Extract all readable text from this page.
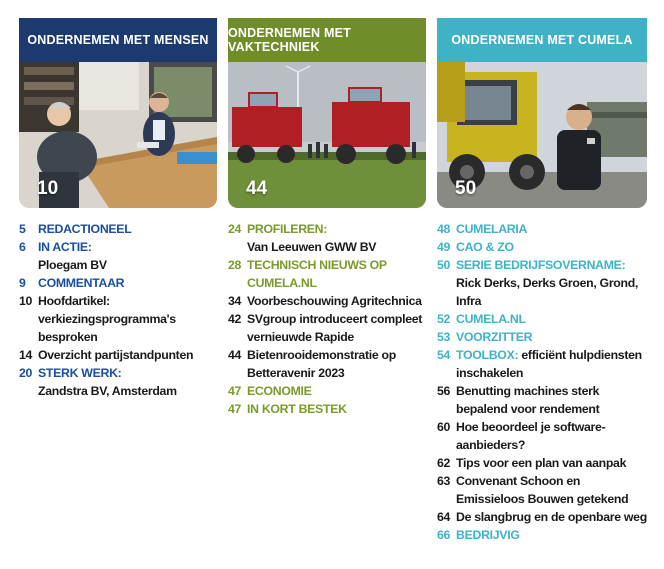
ONDERNEMEN MET MENSEN
10
5 REDACTIONEEL
6 IN ACTIE:
Ploegam BV
9 COMMENTAAR
10 Hoofdartikel: verkiezingsprogramma's besproken
14 Overzicht partijstandpunten
20 STERK WERK:
Zandstra BV, Amsterdam
ONDERNEMEN MET VAKTECHNIEK
44
24 PROFILEREN:
Van Leeuwen GWW BV
28 TECHNISCH NIEUWS OP CUMELA.NL
34 Voorbeschouwing Agritechnica
42 SVgroup introduceert compleet vernieuwde Rapide
44 Bietenrooidemonstratie op Betteravenir 2023
47 ECONOMIE
47 IN KORT BESTEK
ONDERNEMEN MET CUMELA
50
48 CUMELARIA
49 CAO & ZO
50 SERIE BEDRIJFSOVERNAME:
Rick Derks, Derks Groen, Grond, Infra
52 CUMELA.NL
53 VOORZITTER
54 TOOLBOX: efficiënt hulpdiensten inschakelen
56 Benutting machines sterk bepalend voor rendement
60 Hoe beoordeel je software-aanbieders?
62 Tips voor een plan van aanpak
63 Convenant Schoon en Emissieloos Bouwen getekend
64 De slangbrug en de openbare weg
66 BEDRIJVIG
